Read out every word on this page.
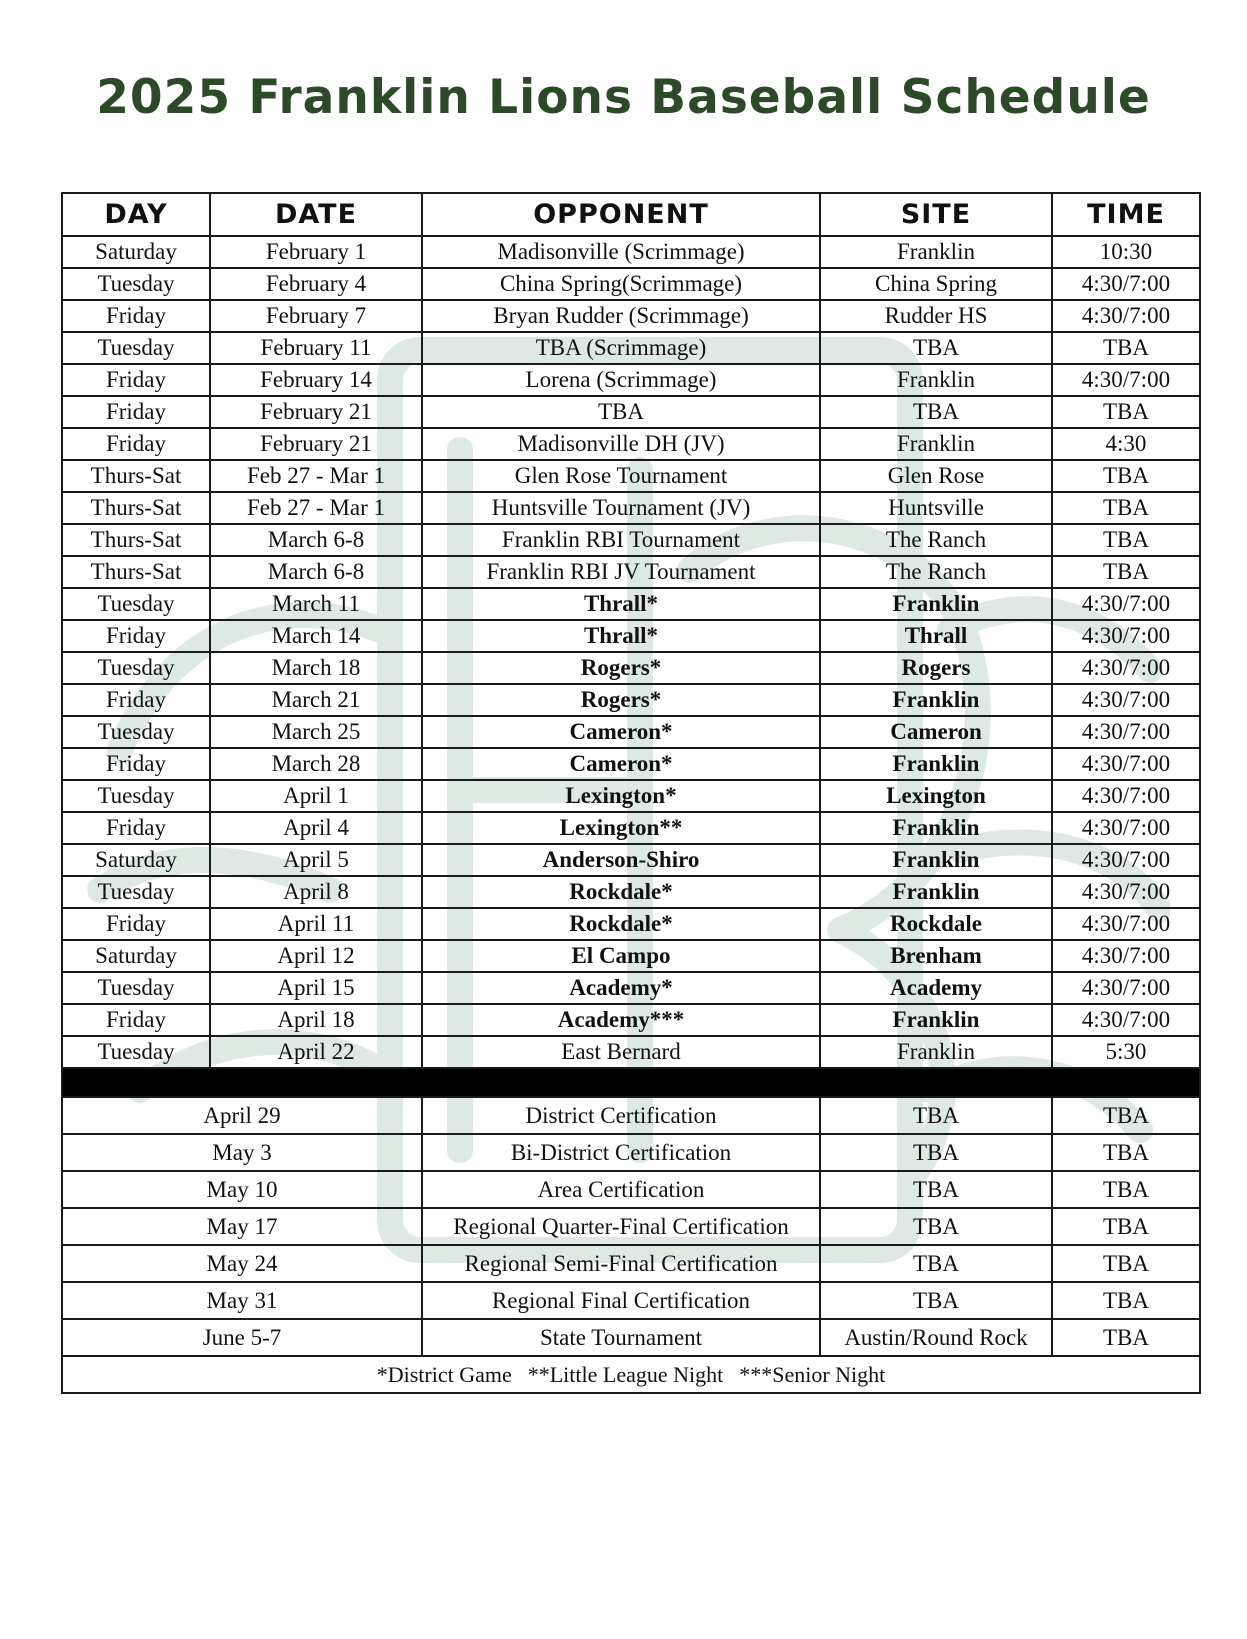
2025 Franklin Lions Baseball Schedule
DAY	DATE	OPPONENT	SITE	TIME
Saturday	February 1	Madisonville (Scrimmage)	Franklin	10:30
Tuesday	February 4	China Spring(Scrimmage)	China Spring	4:30/7:00
Friday	February 7	Bryan Rudder (Scrimmage)	Rudder HS	4:30/7:00
Tuesday	February 11	TBA (Scrimmage)	TBA	TBA
Friday	February 14	Lorena (Scrimmage)	Franklin	4:30/7:00
Friday	February 21	TBA	TBA	TBA
Friday	February 21	Madisonville DH (JV)	Franklin	4:30
Thurs-Sat	Feb 27 - Mar 1	Glen Rose Tournament	Glen Rose	TBA
Thurs-Sat	Feb 27 - Mar 1	Huntsville Tournament (JV)	Huntsville	TBA
Thurs-Sat	March 6-8	Franklin RBI Tournament	The Ranch	TBA
Thurs-Sat	March 6-8	Franklin RBI JV Tournament	The Ranch	TBA
Tuesday	March 11	Thrall*	Franklin	4:30/7:00
Friday	March 14	Thrall*	Thrall	4:30/7:00
Tuesday	March 18	Rogers*	Rogers	4:30/7:00
Friday	March 21	Rogers*	Franklin	4:30/7:00
Tuesday	March 25	Cameron*	Cameron	4:30/7:00
Friday	March 28	Cameron*	Franklin	4:30/7:00
Tuesday	April 1	Lexington*	Lexington	4:30/7:00
Friday	April 4	Lexington**	Franklin	4:30/7:00
Saturday	April 5	Anderson-Shiro	Franklin	4:30/7:00
Tuesday	April 8	Rockdale*	Franklin	4:30/7:00
Friday	April 11	Rockdale*	Rockdale	4:30/7:00
Saturday	April 12	El Campo	Brenham	4:30/7:00
Tuesday	April 15	Academy*	Academy	4:30/7:00
Friday	April 18	Academy***	Franklin	4:30/7:00
Tuesday	April 22	East Bernard	Franklin	5:30

April 29		District Certification	TBA	TBA
May 3		Bi-District Certification	TBA	TBA
May 10		Area Certification	TBA	TBA
May 17		Regional Quarter-Final Certification	TBA	TBA
May 24		Regional Semi-Final Certification	TBA	TBA
May 31		Regional Final Certification	TBA	TBA
June 5-7		State Tournament	Austin/Round Rock	TBA
*District Game **Little League Night ***Senior Night				
